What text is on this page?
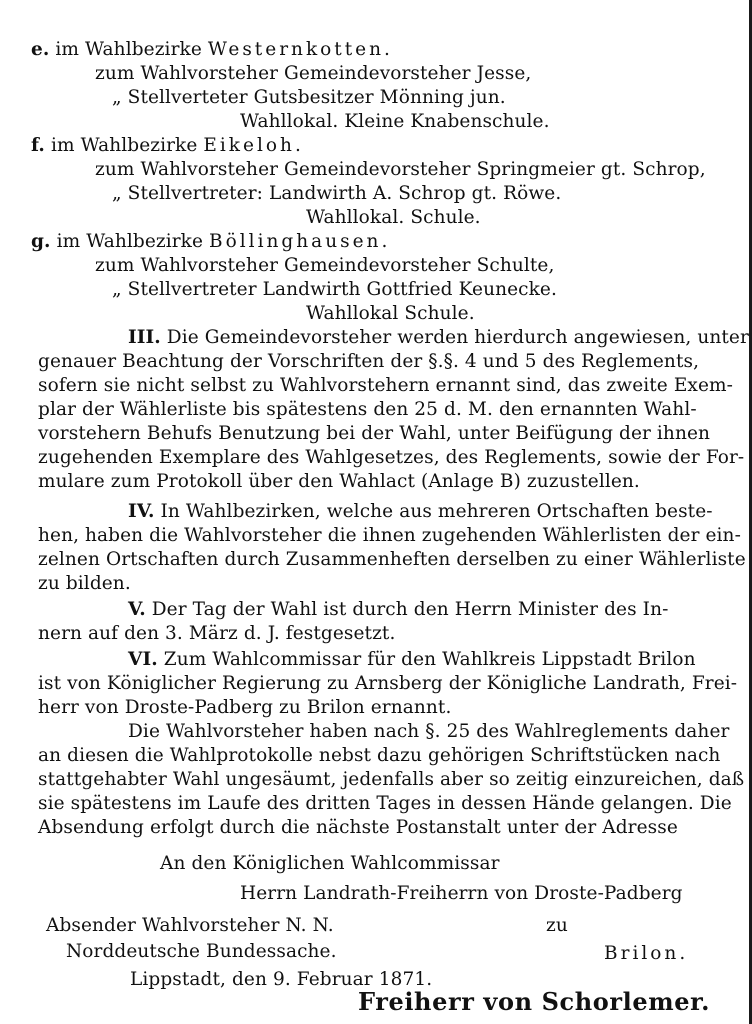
e. im Wahlbezirke Westernkotten.
zum Wahlvorsteher Gemeindevorsteher Jesse,
„ Stellverteter Gutsbesitzer Mönning jun.
Wahllokal. Kleine Knabenschule.
f. im Wahlbezirke Eikeloh.
zum Wahlvorsteher Gemeindevorsteher Springmeier gt. Schrop,
„ Stellvertreter: Landwirth A. Schrop gt. Röwe.
Wahllokal. Schule.
g. im Wahlbezirke Böllinghausen.
zum Wahlvorsteher Gemeindevorsteher Schulte,
„ Stellvertreter Landwirth Gottfried Keunecke.
Wahllokal Schule.
III. Die Gemeindevorsteher werden hierdurch angewiesen, unter
genauer Beachtung der Vorschriften der §.§. 4 und 5 des Reglements,
sofern sie nicht selbst zu Wahlvorstehern ernannt sind, das zweite Exem-
plar der Wählerliste bis spätestens den 25 d. M. den ernannten Wahl-
vorstehern Behufs Benutzung bei der Wahl, unter Beifügung der ihnen
zugehenden Exemplare des Wahlgesetzes, des Reglements, sowie der For-
mulare zum Protokoll über den Wahlact (Anlage B) zuzustellen.
IV. In Wahlbezirken, welche aus mehreren Ortschaften beste-
hen, haben die Wahlvorsteher die ihnen zugehenden Wählerlisten der ein-
zelnen Ortschaften durch Zusammenheften derselben zu einer Wählerliste
zu bilden.
V. Der Tag der Wahl ist durch den Herrn Minister des In-
nern auf den 3. März d. J. festgesetzt.
VI. Zum Wahlcommissar für den Wahlkreis Lippstadt Brilon
ist von Königlicher Regierung zu Arnsberg der Königliche Landrath, Frei-
herr von Droste-Padberg zu Brilon ernannt.
Die Wahlvorsteher haben nach §. 25 des Wahlreglements daher
an diesen die Wahlprotokolle nebst dazu gehörigen Schriftstücken nach
stattgehabter Wahl ungesäumt, jedenfalls aber so zeitig einzureichen, daß
sie spätestens im Laufe des dritten Tages in dessen Hände gelangen. Die
Absendung erfolgt durch die nächste Postanstalt unter der Adresse
An den Königlichen Wahlcommissar
Herrn Landrath-Freiherrn von Droste-Padberg
Absender Wahlvorsteher N. N.	zu
Norddeutsche Bundessache.	Brilon.
Lippstadt, den 9. Februar 1871.
Freiherr von Schorlemer.
